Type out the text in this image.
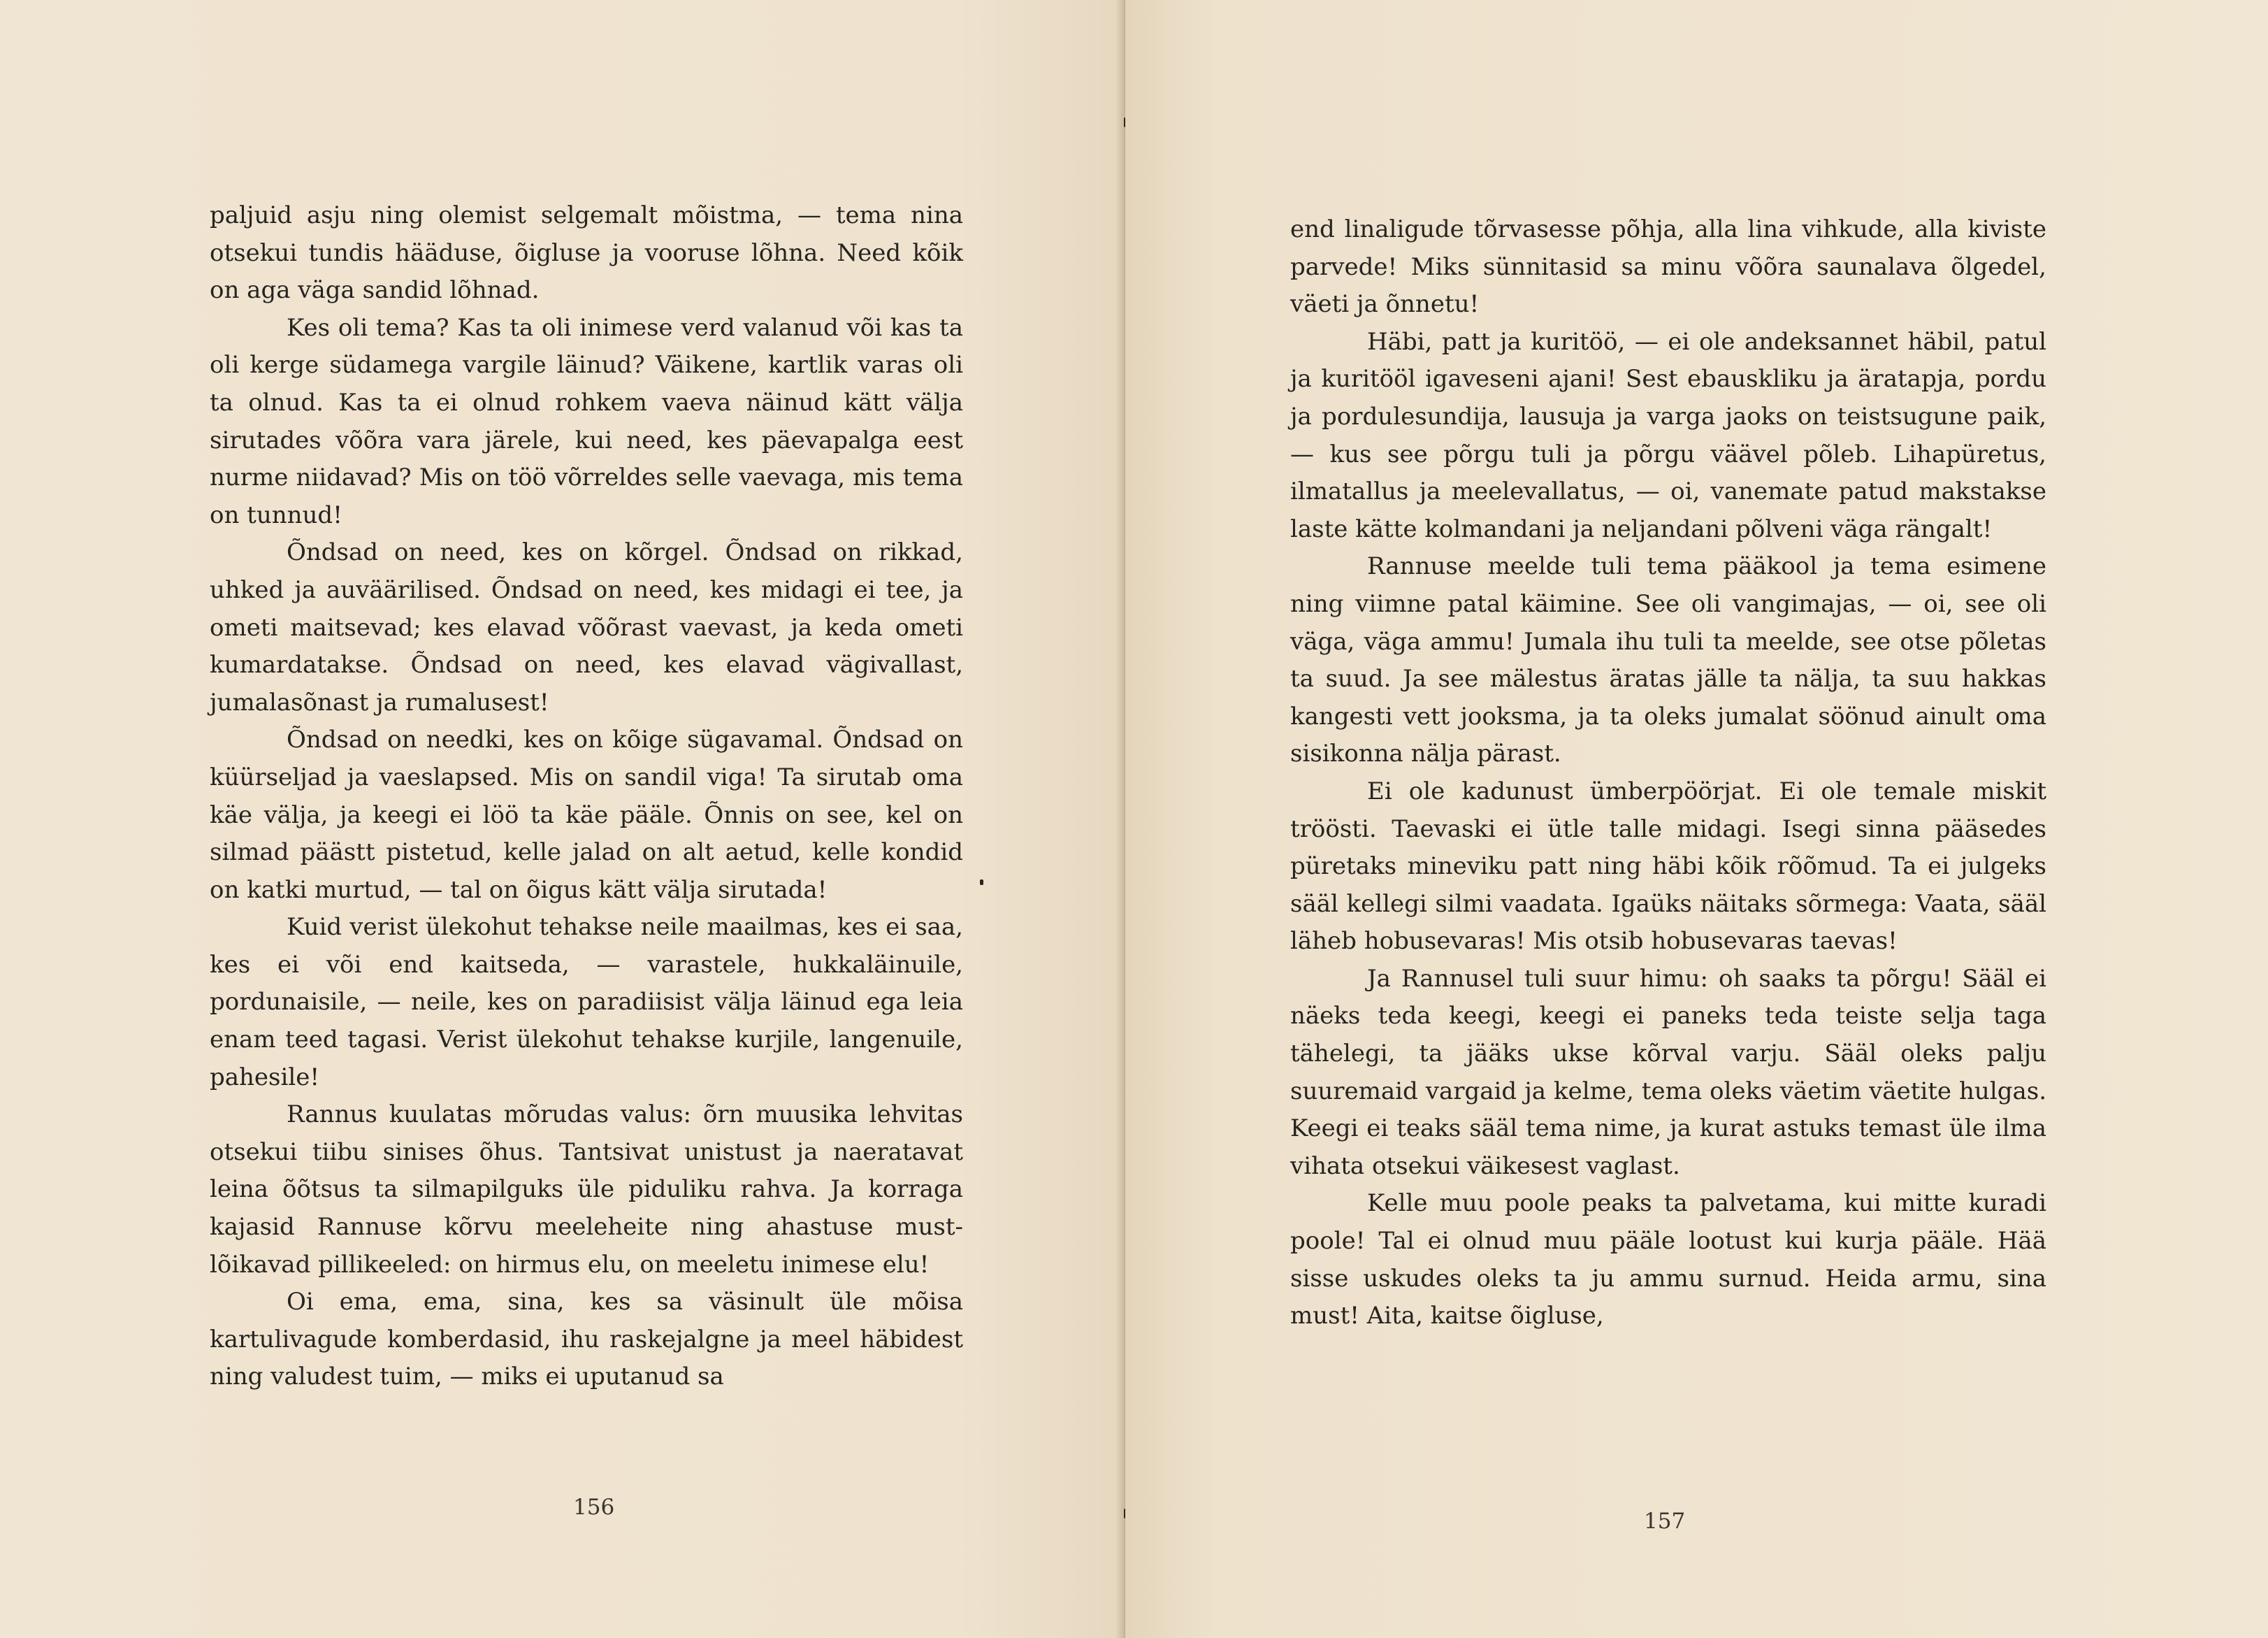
paljuid asju ning olemist selgemalt mõistma, — tema nina otsekui tundis hääduse, õigluse ja vooruse lõhna. Need kõik on aga väga sandid lõhnad.

Kes oli tema? Kas ta oli inimese verd valanud või kas ta oli kerge südamega vargile läinud? Väikene, kartlik varas oli ta olnud. Kas ta ei olnud rohkem vaeva näinud kätt välja sirutades võõra vara järele, kui need, kes päevapalga eest nurme niidavad? Mis on töö võrreldes selle vaevaga, mis tema on tunnud!

Õndsad on need, kes on kõrgel. Õndsad on rikkad, uhked ja auväärilised. Õndsad on need, kes midagi ei tee, ja ometi maitsevad; kes elavad võõrast vaevast, ja keda ometi kumardatakse. Õndsad on need, kes elavad vägivallast, jumalasõnast ja rumalusest!

Õndsad on needki, kes on kõige sügavamal. Õndsad on küürseljad ja vaeslapsed. Mis on sandil viga! Ta sirutab oma käe välja, ja keegi ei löö ta käe pääle. Õnnis on see, kel on silmad päästt pistetud, kelle jalad on alt aetud, kelle kondid on katki murtud, — tal on õigus kätt välja sirutada!

Kuid verist ülekohut tehakse neile maailmas, kes ei saa, kes ei või end kaitseda, — varastele, hukkaläinuile, pordunaisile, — neile, kes on paradiisist välja läinud ega leia enam teed tagasi. Verist ülekohut tehakse kurjile, langenuile, pahesile!

Rannus kuulatas mõrudas valus: õrn muusika lehvitas otsekui tiibu sinises õhus. Tantsivat unistust ja naeratavat leina õõtsus ta silmapilguks üle piduliku rahva. Ja korraga kajasid Rannuse kõrvu meeleheite ning ahastuse must-lõikavad pillikeeled: on hirmus elu, on meeletu inimese elu!

Oi ema, ema, sina, kes sa väsinult üle mõisa kartulivagude komberdasid, ihu raskejalgne ja meel häbidest ning valudest tuim, — miks ei uputanud sa

156

end linaligude tõrvasesse põhja, alla lina vihkude, alla kiviste parvede! Miks sünnitasid sa minu võõra saunalava õlgedel, väeti ja õnnetu!

Häbi, patt ja kuritöö, — ei ole andeksannet häbil, patul ja kuritööl igaveseni ajani! Sest ebauskliku ja äratapja, pordu ja pordulesundija, lausuja ja varga jaoks on teistsugune paik, — kus see põrgu tuli ja põrgu väävel põleb. Lihapüretus, ilmatallus ja meelevallatus, — oi, vanemate patud makstakse laste kätte kolmandani ja neljandani põlveni väga rängalt!

Rannuse meelde tuli tema pääkool ja tema esimene ning viimne patal käimine. See oli vangimajas, — oi, see oli väga, väga ammu! Jumala ihu tuli ta meelde, see otse põletas ta suud. Ja see mälestus äratas jälle ta nälja, ta suu hakkas kangesti vett jooksma, ja ta oleks jumalat söönud ainult oma sisikonna nälja pärast.

Ei ole kadunust ümberpöörjat. Ei ole temale miskit trööstі. Taevaski ei ütle talle midagi. Isegi sinna pääsedes püretaks mineviku patt ning häbi kõik rõõmud. Ta ei julgeks sääl kellegi silmi vaadata. Igaüks näitaks sõrmega: Vaata, sääl läheb hobusevaras! Mis otsib hobusevaras taevas!

Ja Rannusel tuli suur himu: oh saaks ta põrgu! Sääl ei näeks teda keegi, keegi ei paneks teda teiste selja taga tähelegi, ta jääks ukse kõrval varju. Sääl oleks palju suuremaid vargaid ja kelme, tema oleks väetim väetite hulgas. Keegi ei teaks sääl tema nime, ja kurat astuks temast üle ilma vihata otsekui väikesest vaglast.

Kelle muu poole peaks ta palvetama, kui mitte kuradi poole! Tal ei olnud muu pääle lootust kui kurja pääle. Hää sisse uskudes oleks ta ju ammu surnud. Heida armu, sina must! Aita, kaitse õigluse,

157
